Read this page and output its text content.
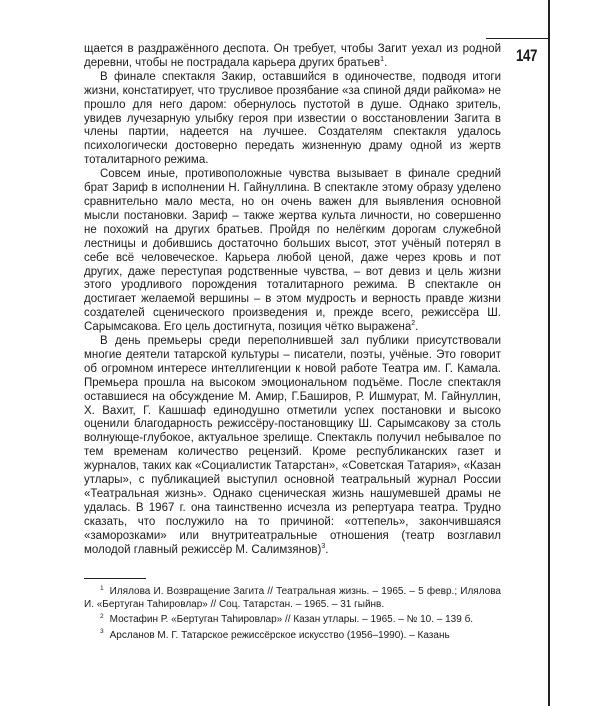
147

щается в раздражённого деспота. Он требует, чтобы Загит уехал из родной деревни, чтобы не пострадала карьера других братьев$^1$.

В финале спектакля Закир, оставшийся в одиночестве, подводя итоги жизни, констатирует, что трусливое прозябание «за спиной дяди райкома» не прошло для него даром: обернулось пустотой в душе. Однако зритель, увидев лучезарную улыбку героя при известии о восстановлении Загита в члены партии, надеется на лучшее. Создателям спектакля удалось психологически достоверно передать жизненную драму одной из жертв тоталитарного режима.

Совсем иные, противоположные чувства вызывает в финале средний брат Зариф в исполнении Н. Гайнуллина. В спектакле этому образу уделено сравнительно мало места, но он очень важен для выявления основной мысли постановки. Зариф – также жертва культа личности, но совершенно не похожий на других братьев. Пройдя по нелёгким дорогам служебной лестницы и добившись достаточно больших высот, этот учёный потерял в себе всё человеческое. Карьера любой ценой, даже через кровь и пот других, даже переступая родственные чувства, – вот девиз и цель жизни этого уродливого порождения тоталитарного режима. В спектакле он достигает желаемой вершины – в этом мудрость и верность правде жизни создателей сценического произведения и, прежде всего, режиссёра Ш. Сарымсакова. Его цель достигнута, позиция чётко выражена$^2$.

В день премьеры среди переполнившей зал публики присутствовали многие деятели татарской культуры – писатели, поэты, учёные. Это говорит об огромном интересе интеллигенции к новой работе Театра им. Г. Камала. Премьера прошла на высоком эмоциональном подъёме. После спектакля оставшиеся на обсуждение М. Амир, Г.Баширов, Р. Ишмурат, М. Гайнуллин, Х. Вахит, Г. Кашшаф единодушно отметили успех постановки и высоко оценили благодарность режиссёру-постановщику Ш. Сарымсакову за столь волнующе-глубокое, актуальное зрелище. Спектакль получил небывалое по тем временам количество рецензий. Кроме республиканских газет и журналов, таких как «Социалистик Татарстан», «Советская Татария», «Казан утлары», с публикацией выступил основной театральный журнал России «Театральная жизнь». Однако сценическая жизнь нашумевшей драмы не удалась. В 1967 г. она таинственно исчезла из репертуара театра. Трудно сказать, что послужило на то причиной: «оттепель», закончившаяся «заморозками» или внутритеатральные отношения (театр возглавил молодой главный режиссёр М. Салимзянов)$^3$.

$^1$ Илялова И. Возвращение Загита // Театральная жизнь. – 1965. – 5 февр.; Илялова И. «Бертуган Таһировлар» // Соц. Татарстан. – 1965. – 31 гыйнв.

$^2$ Мостафин Р. «Бертуган Таһировлар» // Казан утлары. – 1965. – № 10. – 139 б.

$^3$ Арсланов М. Г. Татарское режиссёрское искусство (1956–1990). – Казань
